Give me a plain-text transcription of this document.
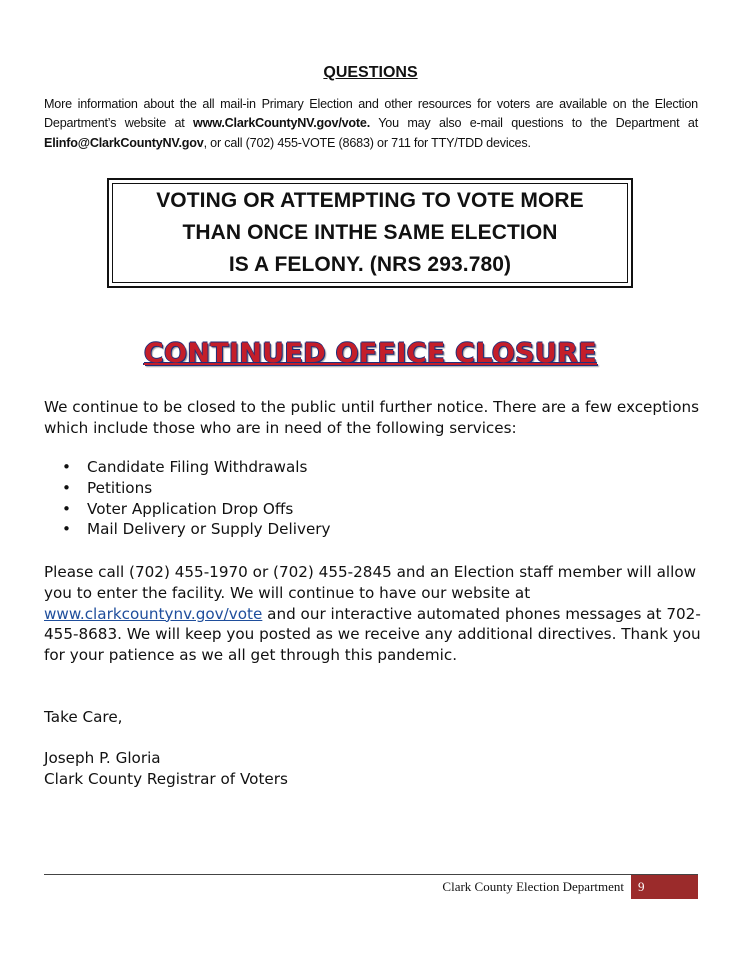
QUESTIONS
More information about the all mail-in Primary Election and other resources for voters are available on the Election Department’s website at www.ClarkCountyNV.gov/vote. You may also e-mail questions to the Department at Elinfo@ClarkCountyNV.gov, or call (702) 455-VOTE (8683) or 711 for TTY/TDD devices.
VOTING OR ATTEMPTING TO VOTE MORE
THAN ONCE INTHE SAME ELECTION
IS A FELONY. (NRS 293.780)
CONTINUED OFFICE CLOSURE
We continue to be closed to the public until further notice. There are a few exceptions which include those who are in need of the following services:
• Candidate Filing Withdrawals
• Petitions
• Voter Application Drop Offs
• Mail Delivery or Supply Delivery
Please call (702) 455-1970 or (702) 455-2845 and an Election staff member will allow you to enter the facility. We will continue to have our website at www.clarkcountynv.gov/vote and our interactive automated phones messages at 702-455-8683. We will keep you posted as we receive any additional directives. Thank you for your patience as we all get through this pandemic.
Take Care,
Joseph P. Gloria
Clark County Registrar of Voters
Clark County Election Department	9
